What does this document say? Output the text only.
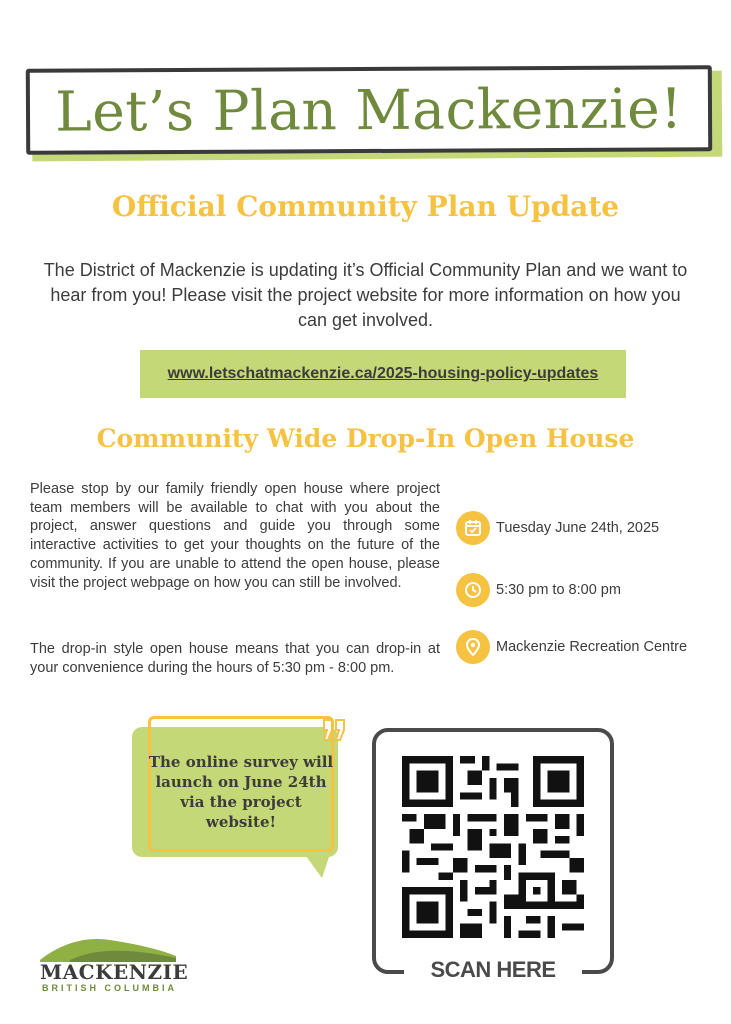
Let’s Plan Mackenzie!
Official Community Plan Update
The District of Mackenzie is updating it’s Official Community Plan and we want to hear from you! Please visit the project website for more information on how you can get involved.
www.letschatmackenzie.ca/2025-housing-policy-updates
Community Wide Drop-In Open House
Please stop by our family friendly open house where project team members will be available to chat with you about the project, answer questions and guide you through some interactive activities to get your thoughts on the future of the community. If you are unable to attend the open house, please visit the project webpage on how you can still be involved.
The drop-in style open house means that you can drop-in at your convenience during the hours of 5:30 pm - 8:00 pm.
Tuesday June 24th, 2025
5:30 pm to 8:00 pm
Mackenzie Recreation Centre
The online survey will launch on June 24th via the project website!
SCAN HERE
MACKENZIE
BRITISH COLUMBIA
